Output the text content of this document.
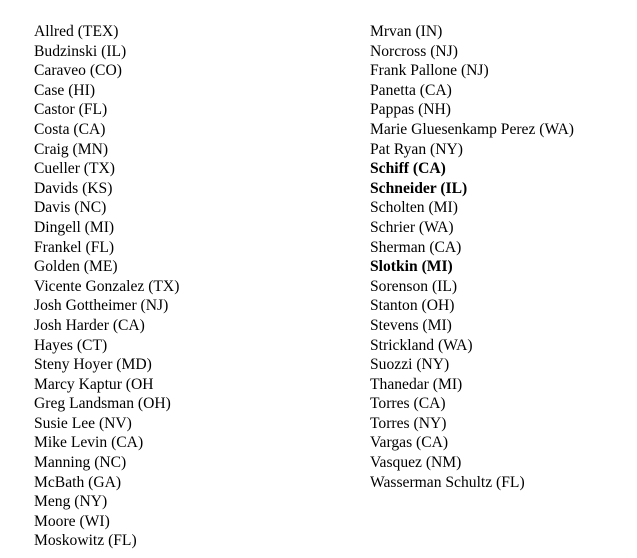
Allred (TEX)
Budzinski (IL)
Caraveo (CO)
Case (HI)
Castor (FL)
Costa (CA)
Craig (MN)
Cueller (TX)
Davids (KS)
Davis (NC)
Dingell (MI)
Frankel (FL)
Golden (ME)
Vicente Gonzalez (TX)
Josh Gottheimer (NJ)
Josh Harder (CA)
Hayes (CT)
Steny Hoyer (MD)
Marcy Kaptur (OH
Greg Landsman (OH)
Susie Lee (NV)
Mike Levin (CA)
Manning (NC)
McBath (GA)
Meng (NY)
Moore (WI)
Moskowitz (FL)
Mrvan (IN)
Norcross (NJ)
Frank Pallone (NJ)
Panetta (CA)
Pappas (NH)
Marie Gluesenkamp Perez (WA)
Pat Ryan (NY)
Schiff (CA)
Schneider (IL)
Scholten (MI)
Schrier (WA)
Sherman (CA)
Slotkin (MI)
Sorenson (IL)
Stanton (OH)
Stevens (MI)
Strickland (WA)
Suozzi (NY)
Thanedar (MI)
Torres (CA)
Torres (NY)
Vargas (CA)
Vasquez (NM)
Wasserman Schultz (FL)
